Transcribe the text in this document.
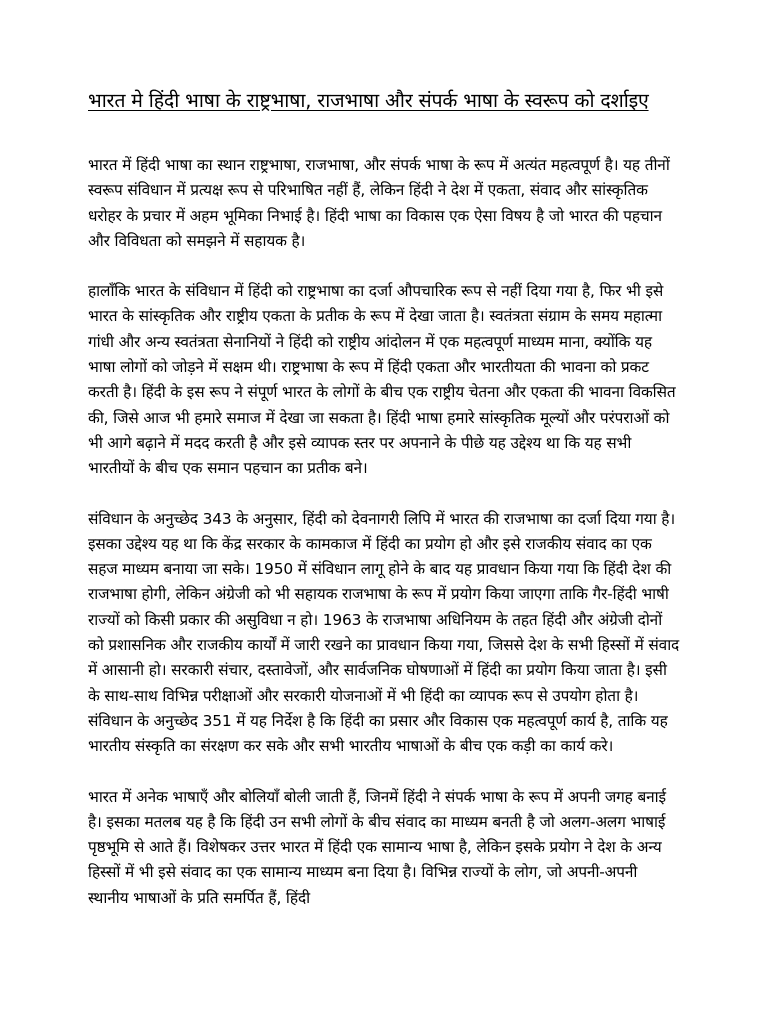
भारत मे हिंदी भाषा के राष्ट्रभाषा, राजभाषा और संपर्क भाषा के स्वरूप को दर्शाइए

भारत में हिंदी भाषा का स्थान राष्ट्रभाषा, राजभाषा, और संपर्क भाषा के रूप में अत्यंत महत्वपूर्ण है। यह तीनों स्वरूप संविधान में प्रत्यक्ष रूप से परिभाषित नहीं हैं, लेकिन हिंदी ने देश में एकता, संवाद और सांस्कृतिक धरोहर के प्रचार में अहम भूमिका निभाई है। हिंदी भाषा का विकास एक ऐसा विषय है जो भारत की पहचान और विविधता को समझने में सहायक है।

हालाँकि भारत के संविधान में हिंदी को राष्ट्रभाषा का दर्जा औपचारिक रूप से नहीं दिया गया है, फिर भी इसे भारत के सांस्कृतिक और राष्ट्रीय एकता के प्रतीक के रूप में देखा जाता है। स्वतंत्रता संग्राम के समय महात्मा गांधी और अन्य स्वतंत्रता सेनानियों ने हिंदी को राष्ट्रीय आंदोलन में एक महत्वपूर्ण माध्यम माना, क्योंकि यह भाषा लोगों को जोड़ने में सक्षम थी। राष्ट्रभाषा के रूप में हिंदी एकता और भारतीयता की भावना को प्रकट करती है। हिंदी के इस रूप ने संपूर्ण भारत के लोगों के बीच एक राष्ट्रीय चेतना और एकता की भावना विकसित की, जिसे आज भी हमारे समाज में देखा जा सकता है। हिंदी भाषा हमारे सांस्कृतिक मूल्यों और परंपराओं को भी आगे बढ़ाने में मदद करती है और इसे व्यापक स्तर पर अपनाने के पीछे यह उद्देश्य था कि यह सभी भारतीयों के बीच एक समान पहचान का प्रतीक बने।

संविधान के अनुच्छेद 343 के अनुसार, हिंदी को देवनागरी लिपि में भारत की राजभाषा का दर्जा दिया गया है। इसका उद्देश्य यह था कि केंद्र सरकार के कामकाज में हिंदी का प्रयोग हो और इसे राजकीय संवाद का एक सहज माध्यम बनाया जा सके। 1950 में संविधान लागू होने के बाद यह प्रावधान किया गया कि हिंदी देश की राजभाषा होगी, लेकिन अंग्रेजी को भी सहायक राजभाषा के रूप में प्रयोग किया जाएगा ताकि गैर-हिंदी भाषी राज्यों को किसी प्रकार की असुविधा न हो। 1963 के राजभाषा अधिनियम के तहत हिंदी और अंग्रेजी दोनों को प्रशासनिक और राजकीय कार्यों में जारी रखने का प्रावधान किया गया, जिससे देश के सभी हिस्सों में संवाद में आसानी हो। सरकारी संचार, दस्तावेजों, और सार्वजनिक घोषणाओं में हिंदी का प्रयोग किया जाता है। इसी के साथ-साथ विभिन्न परीक्षाओं और सरकारी योजनाओं में भी हिंदी का व्यापक रूप से उपयोग होता है। संविधान के अनुच्छेद 351 में यह निर्देश है कि हिंदी का प्रसार और विकास एक महत्वपूर्ण कार्य है, ताकि यह भारतीय संस्कृति का संरक्षण कर सके और सभी भारतीय भाषाओं के बीच एक कड़ी का कार्य करे।

भारत में अनेक भाषाएँ और बोलियाँ बोली जाती हैं, जिनमें हिंदी ने संपर्क भाषा के रूप में अपनी जगह बनाई है। इसका मतलब यह है कि हिंदी उन सभी लोगों के बीच संवाद का माध्यम बनती है जो अलग-अलग भाषाई पृष्ठभूमि से आते हैं। विशेषकर उत्तर भारत में हिंदी एक सामान्य भाषा है, लेकिन इसके प्रयोग ने देश के अन्य हिस्सों में भी इसे संवाद का एक सामान्य माध्यम बना दिया है। विभिन्न राज्यों के लोग, जो अपनी-अपनी स्थानीय भाषाओं के प्रति समर्पित हैं, हिंदी
